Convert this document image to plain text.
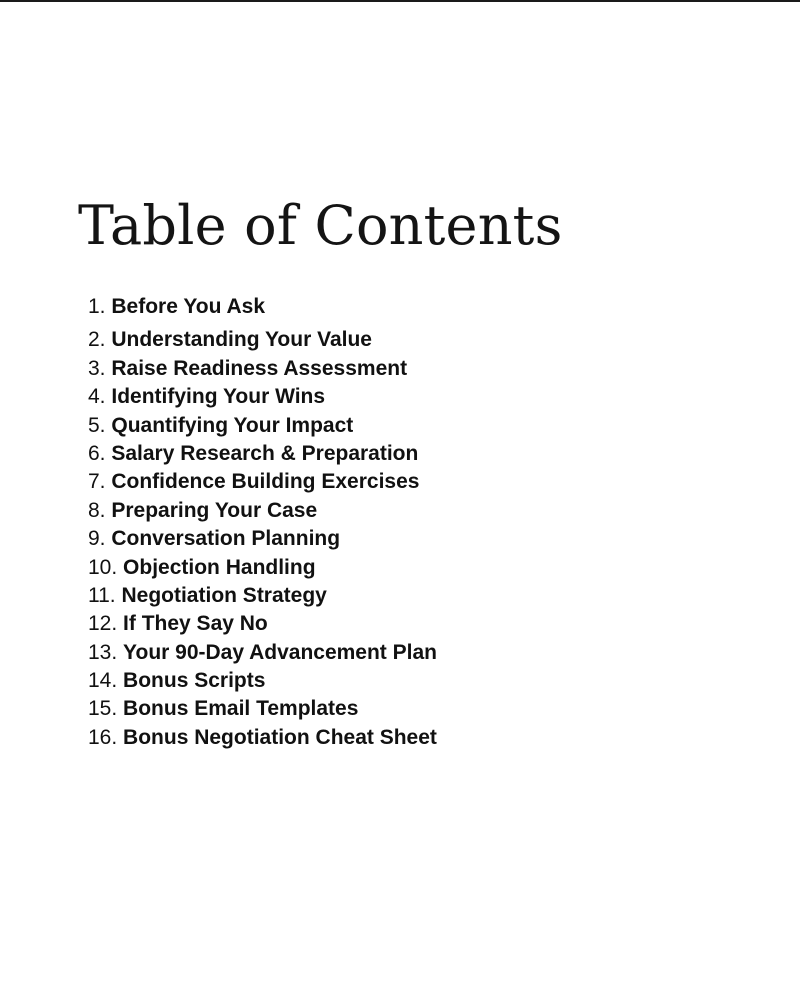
Table of Contents
1. Before You Ask
2. Understanding Your Value
3. Raise Readiness Assessment
4. Identifying Your Wins
5. Quantifying Your Impact
6. Salary Research & Preparation
7. Confidence Building Exercises
8. Preparing Your Case
9. Conversation Planning
10. Objection Handling
11. Negotiation Strategy
12. If They Say No
13. Your 90-Day Advancement Plan
14. Bonus Scripts
15. Bonus Email Templates
16. Bonus Negotiation Cheat Sheet
